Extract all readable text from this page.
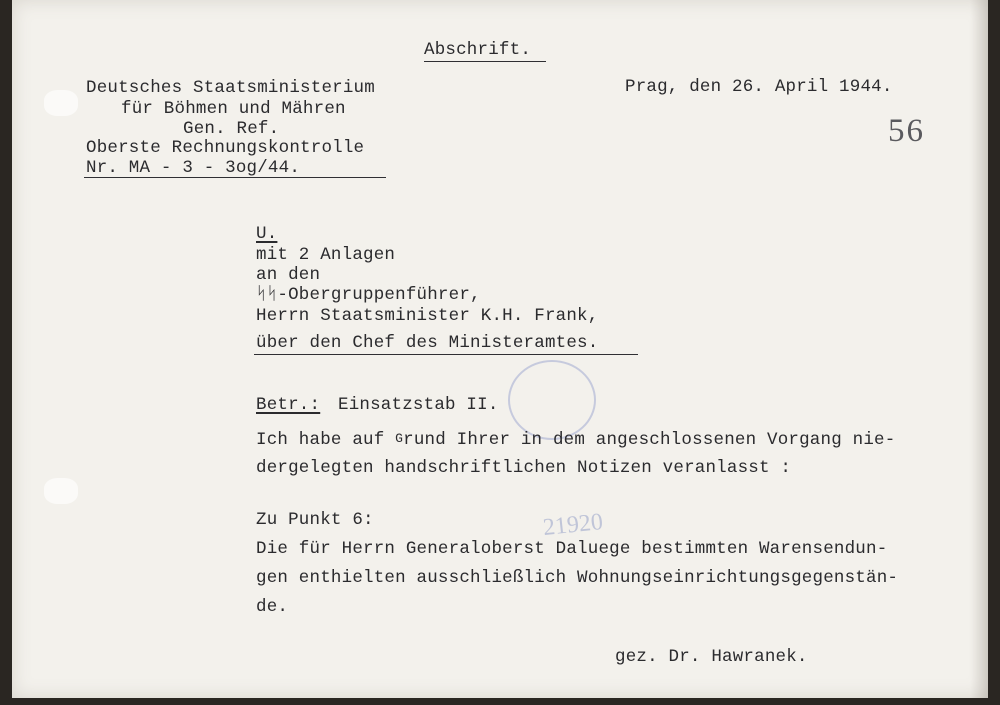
Abschrift.
Deutsches Staatsministerium
für Böhmen und Mähren
Gen. Ref.
Oberste Rechnungskontrolle
Nr. MA - 3 - 3og/44.
Prag, den 26. April 1944.
56
U.
mit 2 Anlagen
an den
ᛋᛋ-Obergruppenführer,
Herrn Staatsminister K.H. Frank,
über den Chef des Ministeramtes.
Betr.: Einsatzstab II.
Ich habe auf $^G$rund Ihrer in dem angeschlossenen Vorgang nie-
dergelegten handschriftlichen Notizen veranlasst :
21920
Zu Punkt 6:
Die für Herrn Generaloberst Daluege bestimmten Warensendun-
gen enthielten ausschließlich Wohnungseinrichtungsgegenstän-
de.
gez. Dr. Hawranek.
